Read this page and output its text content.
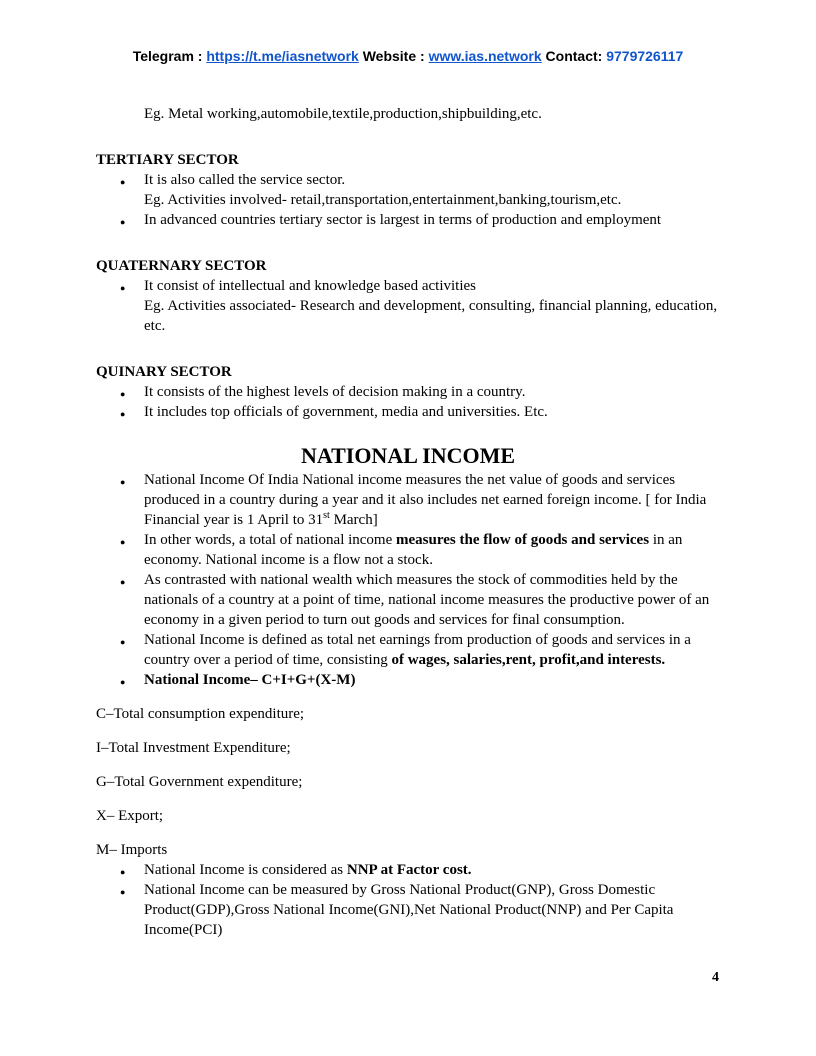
Telegram : https://t.me/iasnetwork Website : www.ias.network Contact: 9779726117
Eg. Metal working,automobile,textile,production,shipbuilding,etc.
TERTIARY SECTOR
● It is also called the service sector.
Eg. Activities involved- retail,transportation,entertainment,banking,tourism,etc.
● In advanced countries tertiary sector is largest in terms of production and employment
QUATERNARY SECTOR
● It consist of intellectual and knowledge based activities
Eg. Activities associated- Research and development, consulting, financial planning, education, etc.
QUINARY SECTOR
● It consists of the highest levels of decision making in a country.
● It includes top officials of government, media and universities. Etc.
NATIONAL INCOME
● National Income Of India National income measures the net value of goods and services produced in a country during a year and it also includes net earned foreign income. [ for India Financial year is 1 April to 31st March]
● In other words, a total of national income measures the flow of goods and services in an economy. National income is a flow not a stock.
● As contrasted with national wealth which measures the stock of commodities held by the nationals of a country at a point of time, national income measures the productive power of an economy in a given period to turn out goods and services for final consumption.
● National Income is defined as total net earnings from production of goods and services in a country over a period of time, consisting of wages, salaries,rent, profit,and interests.
● National Income– C+I+G+(X-M)
C–Total consumption expenditure;
I–Total Investment Expenditure;
G–Total Government expenditure;
X– Export;
M– Imports
● National Income is considered as NNP at Factor cost.
● National Income can be measured by Gross National Product(GNP), Gross Domestic Product(GDP),Gross National Income(GNI),Net National Product(NNP) and Per Capita Income(PCI)
4
